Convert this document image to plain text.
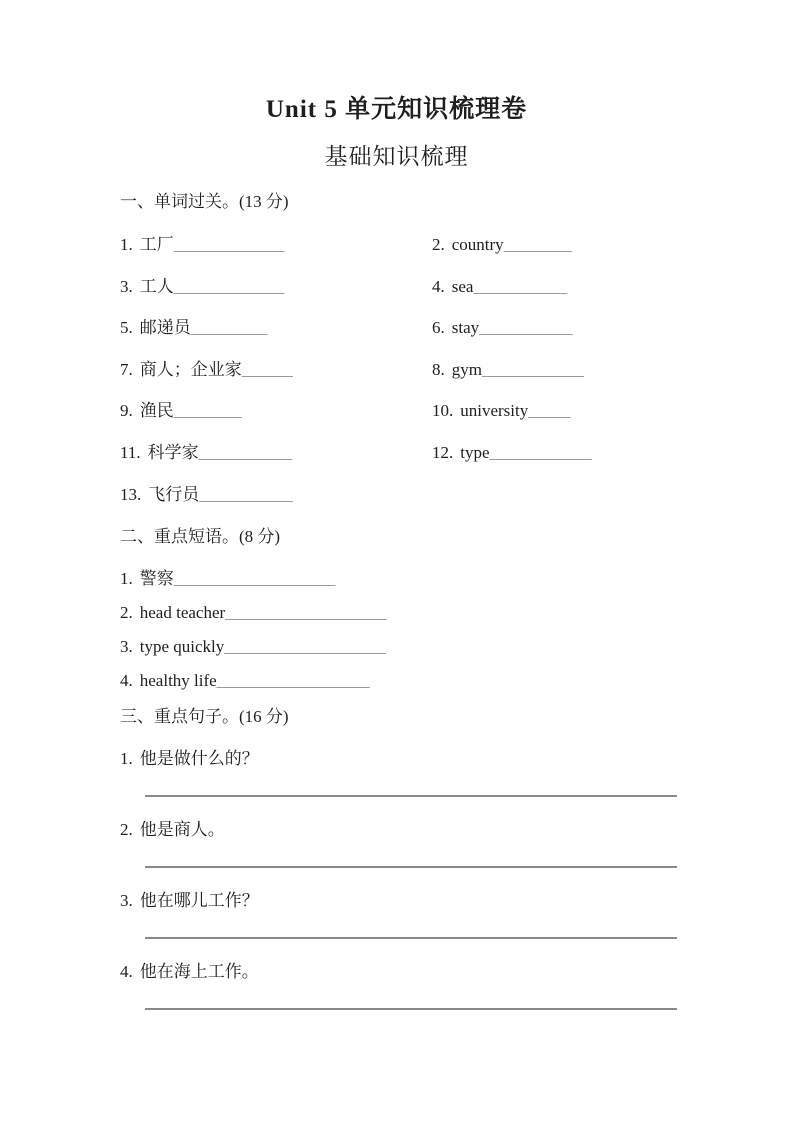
Unit 5 单元知识梳理卷
基础知识梳理
一、单词过关。(13 分)
1. 工厂_____________	2. country________
3. 工人_____________	4. sea___________
5. 邮递员_________	6. stay___________
7. 商人；企业家______	8. gym____________
9. 渔民________	10. university_____
11. 科学家___________	12. type____________
13. 飞行员___________
二、重点短语。(8 分)
1. 警察___________________
2. head teacher___________________
3. type quickly___________________
4. healthy life__________________
三、重点句子。(16 分)
1. 他是做什么的？
2. 他是商人。
3. 他在哪儿工作？
4. 他在海上工作。
